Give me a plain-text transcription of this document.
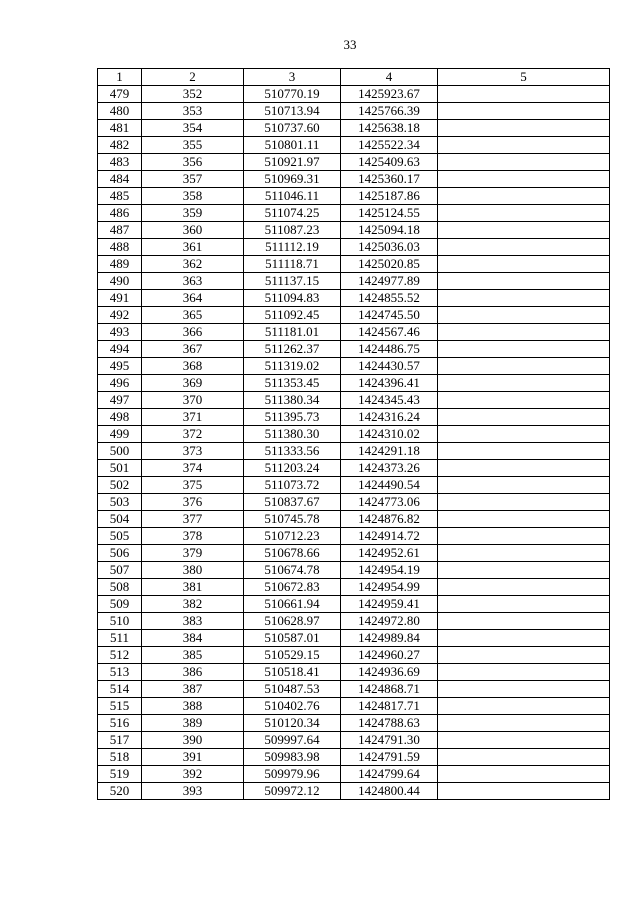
33
1	2	3	4	5
479	352	510770.19	1425923.67	
480	353	510713.94	1425766.39	
481	354	510737.60	1425638.18	
482	355	510801.11	1425522.34	
483	356	510921.97	1425409.63	
484	357	510969.31	1425360.17	
485	358	511046.11	1425187.86	
486	359	511074.25	1425124.55	
487	360	511087.23	1425094.18	
488	361	511112.19	1425036.03	
489	362	511118.71	1425020.85	
490	363	511137.15	1424977.89	
491	364	511094.83	1424855.52	
492	365	511092.45	1424745.50	
493	366	511181.01	1424567.46	
494	367	511262.37	1424486.75	
495	368	511319.02	1424430.57	
496	369	511353.45	1424396.41	
497	370	511380.34	1424345.43	
498	371	511395.73	1424316.24	
499	372	511380.30	1424310.02	
500	373	511333.56	1424291.18	
501	374	511203.24	1424373.26	
502	375	511073.72	1424490.54	
503	376	510837.67	1424773.06	
504	377	510745.78	1424876.82	
505	378	510712.23	1424914.72	
506	379	510678.66	1424952.61	
507	380	510674.78	1424954.19	
508	381	510672.83	1424954.99	
509	382	510661.94	1424959.41	
510	383	510628.97	1424972.80	
511	384	510587.01	1424989.84	
512	385	510529.15	1424960.27	
513	386	510518.41	1424936.69	
514	387	510487.53	1424868.71	
515	388	510402.76	1424817.71	
516	389	510120.34	1424788.63	
517	390	509997.64	1424791.30	
518	391	509983.98	1424791.59	
519	392	509979.96	1424799.64	
520	393	509972.12	1424800.44	
